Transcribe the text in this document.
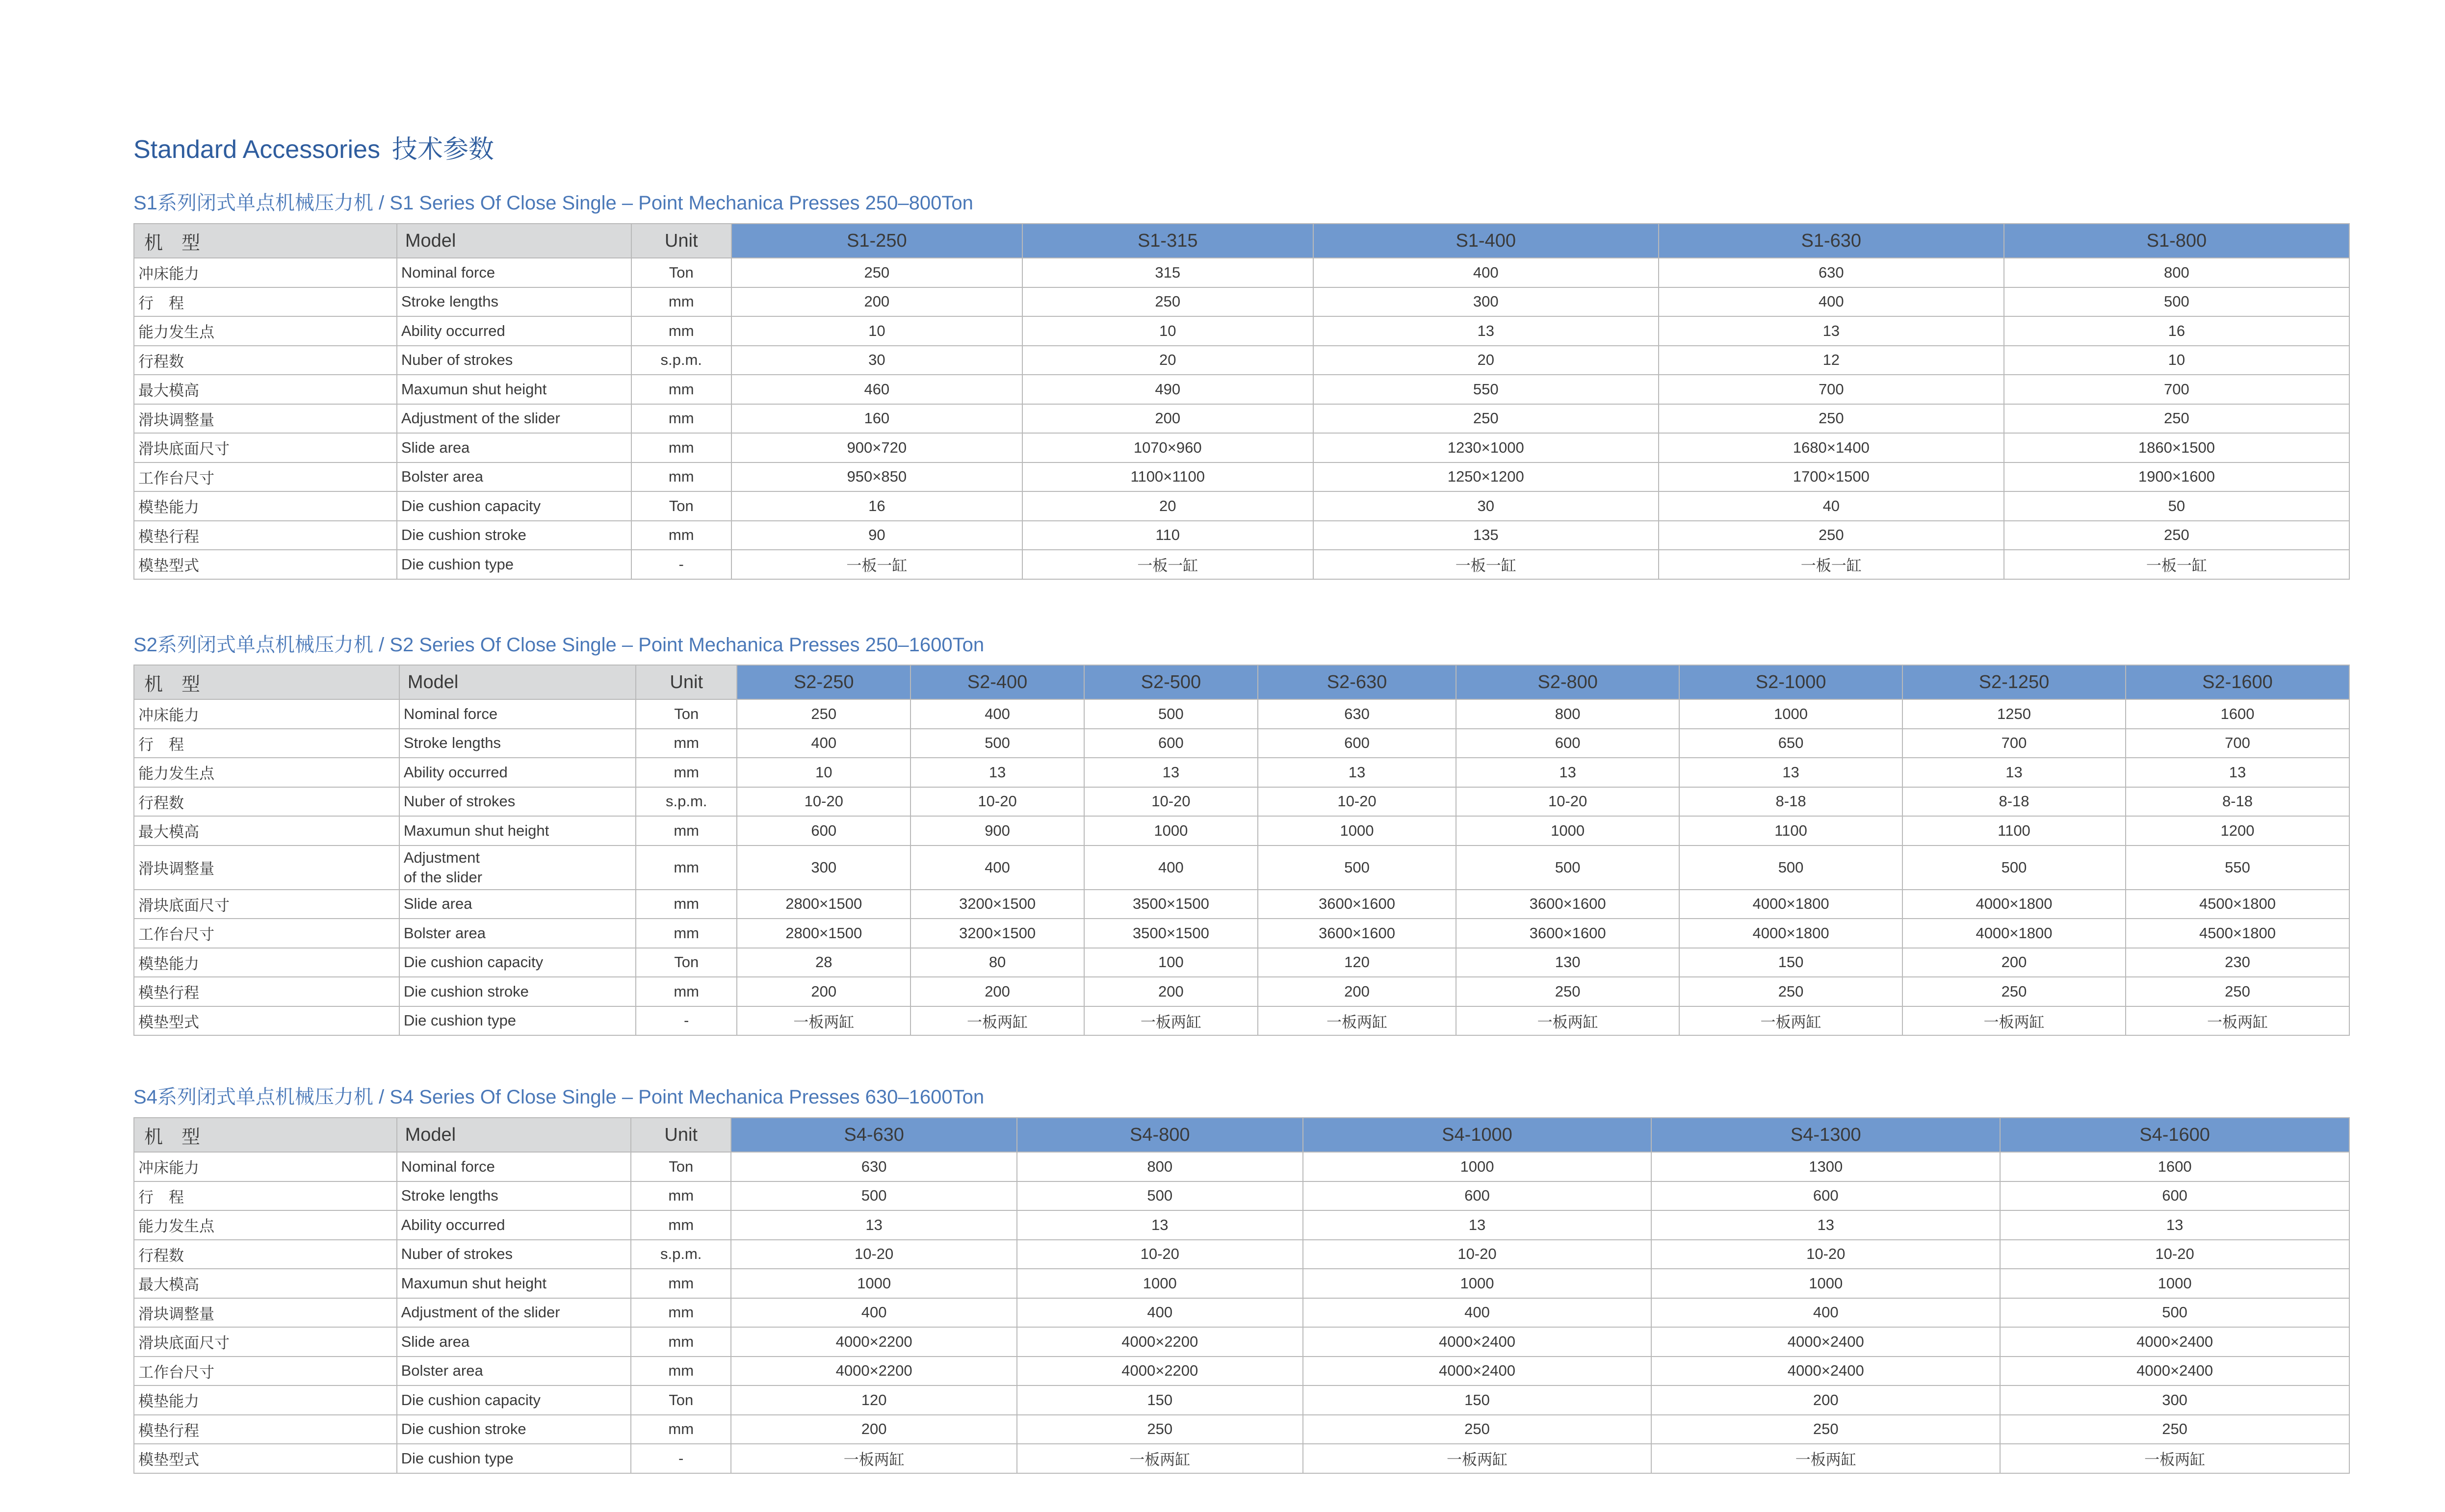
Standard Accessories 技术参数
S1系列闭式单点机械压力机 / S1 Series Of Close Single – Point Mechanica Presses 250–800Ton
机　型	Model	Unit	S1-250	S1-315	S1-400	S1-630	S1-800
冲床能力	Nominal force	Ton	250	315	400	630	800
行　程	Stroke lengths	mm	200	250	300	400	500
能力发生点	Ability occurred	mm	10	10	13	13	16
行程数	Nuber of strokes	s.p.m.	30	20	20	12	10
最大模高	Maxumun shut height	mm	460	490	550	700	700
滑块调整量	Adjustment of the slider	mm	160	200	250	250	250
滑块底面尺寸	Slide area	mm	900×720	1070×960	1230×1000	1680×1400	1860×1500
工作台尺寸	Bolster area	mm	950×850	1100×1100	1250×1200	1700×1500	1900×1600
模垫能力	Die cushion capacity	Ton	16	20	30	40	50
模垫行程	Die cushion stroke	mm	90	110	135	250	250
模垫型式	Die cushion type	-	一板一缸	一板一缸	一板一缸	一板一缸	一板一缸
S2系列闭式单点机械压力机 / S2 Series Of Close Single – Point Mechanica Presses 250–1600Ton
机　型	Model	Unit	S2-250	S2-400	S2-500	S2-630	S2-800	S2-1000	S2-1250	S2-1600
冲床能力	Nominal force	Ton	250	400	500	630	800	1000	1250	1600
行　程	Stroke lengths	mm	400	500	600	600	600	650	700	700
能力发生点	Ability occurred	mm	10	13	13	13	13	13	13	13
行程数	Nuber of strokes	s.p.m.	10-20	10-20	10-20	10-20	10-20	8-18	8-18	8-18
最大模高	Maxumun shut height	mm	600	900	1000	1000	1000	1100	1100	1200
滑块调整量	Adjustment
of the slider	mm	300	400	400	500	500	500	500	550
滑块底面尺寸	Slide area	mm	2800×1500	3200×1500	3500×1500	3600×1600	3600×1600	4000×1800	4000×1800	4500×1800
工作台尺寸	Bolster area	mm	2800×1500	3200×1500	3500×1500	3600×1600	3600×1600	4000×1800	4000×1800	4500×1800
模垫能力	Die cushion capacity	Ton	28	80	100	120	130	150	200	230
模垫行程	Die cushion stroke	mm	200	200	200	200	250	250	250	250
模垫型式	Die cushion type	-	一板两缸	一板两缸	一板两缸	一板两缸	一板两缸	一板两缸	一板两缸	一板两缸
S4系列闭式单点机械压力机 / S4 Series Of Close Single – Point Mechanica Presses 630–1600Ton
机　型	Model	Unit	S4-630	S4-800	S4-1000	S4-1300	S4-1600
冲床能力	Nominal force	Ton	630	800	1000	1300	1600
行　程	Stroke lengths	mm	500	500	600	600	600
能力发生点	Ability occurred	mm	13	13	13	13	13
行程数	Nuber of strokes	s.p.m.	10-20	10-20	10-20	10-20	10-20
最大模高	Maxumun shut height	mm	1000	1000	1000	1000	1000
滑块调整量	Adjustment of the slider	mm	400	400	400	400	500
滑块底面尺寸	Slide area	mm	4000×2200	4000×2200	4000×2400	4000×2400	4000×2400
工作台尺寸	Bolster area	mm	4000×2200	4000×2200	4000×2400	4000×2400	4000×2400
模垫能力	Die cushion capacity	Ton	120	150	150	200	300
模垫行程	Die cushion stroke	mm	200	250	250	250	250
模垫型式	Die cushion type	-	一板两缸	一板两缸	一板两缸	一板两缸	一板两缸
